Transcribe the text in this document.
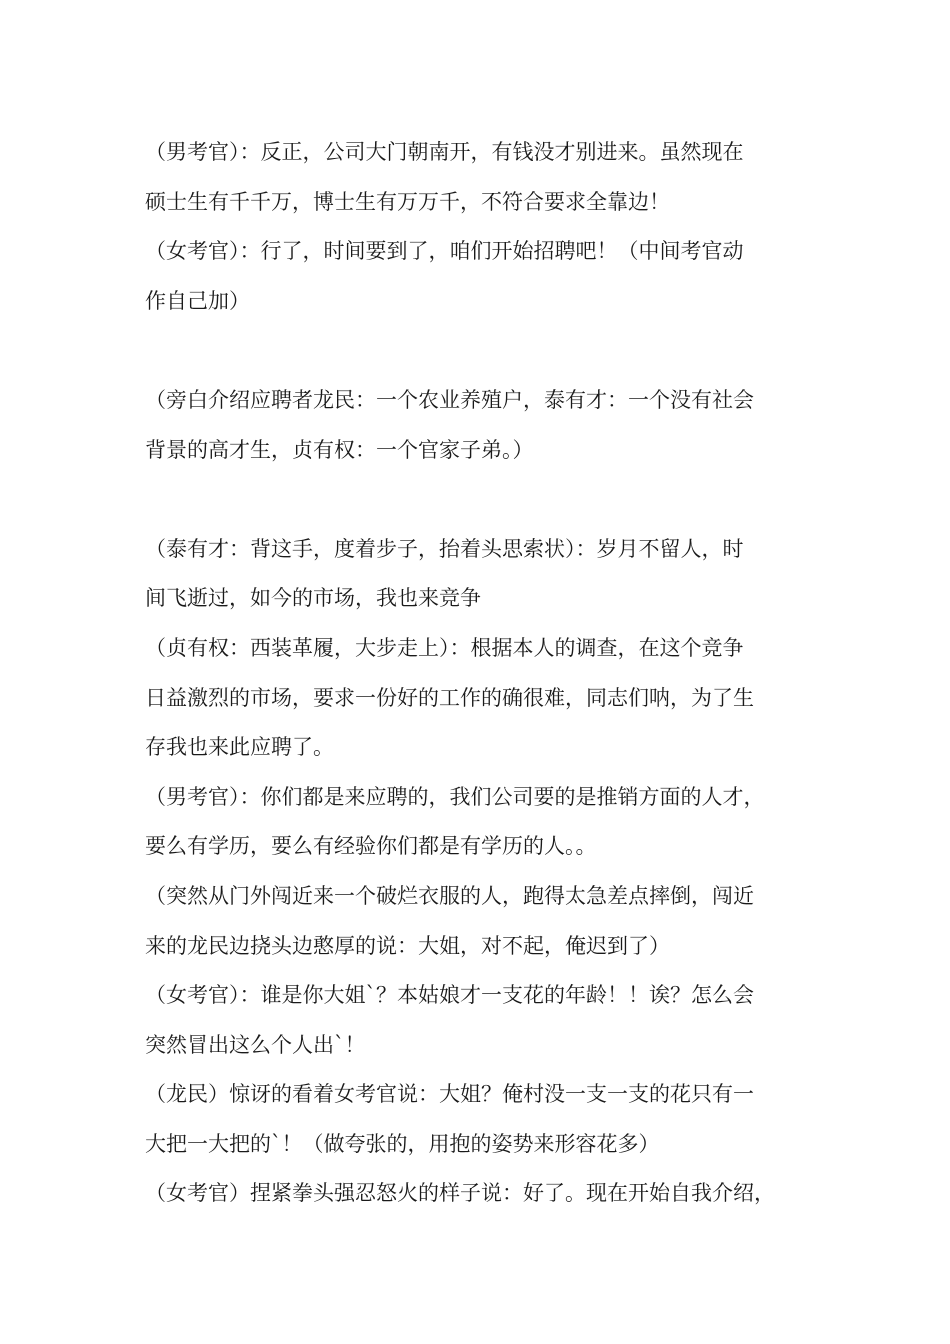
（男考官）：反正，公司大门朝南开，有钱没才别进来。虽然现在
硕士生有千千万，博士生有万万千，不符合要求全靠边！
（女考官）：行了，时间要到了，咱们开始招聘吧！（中间考官动
作自己加）
（旁白介绍应聘者龙民：一个农业养殖户，泰有才：一个没有社会
背景的高才生，贞有权：一个官家子弟。）
（泰有才：背这手，度着步子，抬着头思索状）：岁月不留人，时
间飞逝过，如今的市场，我也来竞争
（贞有权：西装革履，大步走上）：根据本人的调查，在这个竞争
日益激烈的市场，要求一份好的工作的确很难，同志们呐，为了生
存我也来此应聘了。
（男考官）：你们都是来应聘的，我们公司要的是推销方面的人才，
要么有学历，要么有经验你们都是有学历的人。。
（突然从门外闯近来一个破烂衣服的人，跑得太急差点摔倒，闯近
来的龙民边挠头边憨厚的说：大姐，对不起，俺迟到了）
（女考官）：谁是你大姐`？本姑娘才一支花的年龄！！诶？怎么会
突然冒出这么个人出`！
（龙民）惊讶的看着女考官说：大姐？俺村没一支一支的花只有一
大把一大把的`！（做夸张的，用抱的姿势来形容花多）
（女考官）捏紧拳头强忍怒火的样子说：好了。现在开始自我介绍，
